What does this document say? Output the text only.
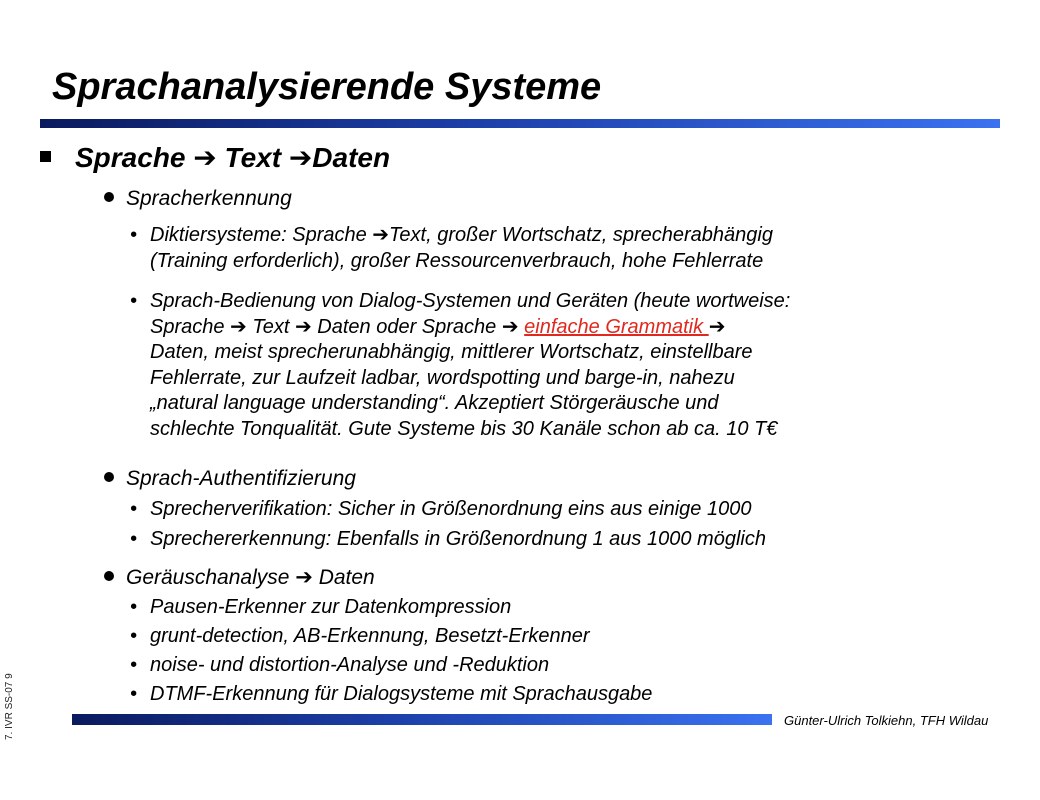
Sprachanalysierende Systeme
Sprache ➔ Text ➔Daten
Spracherkennung
• Diktiersysteme: Sprache ➔Text, großer Wortschatz, sprecherabhängig
(Training erforderlich), großer Ressourcenverbrauch, hohe Fehlerrate
• Sprach-Bedienung von Dialog-Systemen und Geräten (heute wortweise:
Sprache ➔ Text ➔ Daten oder Sprache ➔ einfache Grammatik ➔
Daten, meist sprecherunabhängig, mittlerer Wortschatz, einstellbare
Fehlerrate, zur Laufzeit ladbar, wordspotting und barge-in, nahezu
„natural language understanding“. Akzeptiert Störgeräusche und
schlechte Tonqualität. Gute Systeme bis 30 Kanäle schon ab ca. 10 T€
Sprach-Authentifizierung
• Sprecherverifikation: Sicher in Größenordnung eins aus einige 1000
• Sprechererkennung: Ebenfalls in Größenordnung 1 aus 1000 möglich
Geräuschanalyse ➔ Daten
• Pausen-Erkenner zur Datenkompression
• grunt-detection, AB-Erkennung, Besetzt-Erkenner
• noise- und distortion-Analyse und -Reduktion
• DTMF-Erkennung für Dialogsysteme mit Sprachausgabe
Günter-Ulrich Tolkiehn, TFH Wildau
7. IVR SS-07 9
